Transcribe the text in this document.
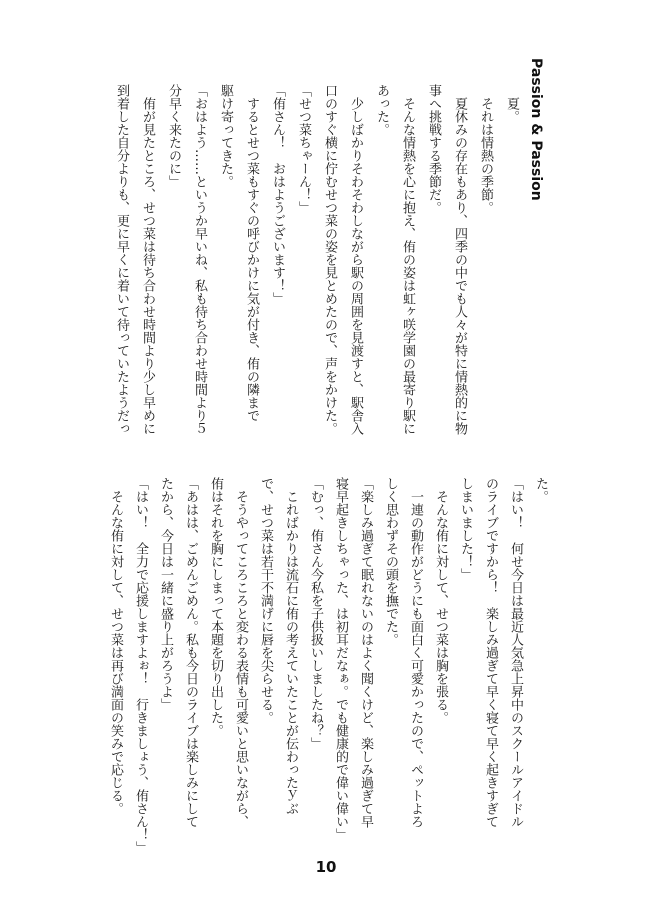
Passion & Passion

夏。

それは情熱の季節。

夏休みの存在もあり、四季の中でも人々が特に情熱的に物

事へ挑戦する季節だ。

そんな情熱を心に抱え、侑の姿は虹ヶ咲学園の最寄り駅に

あった。

少しばかりそわそわしながら駅の周囲を見渡すと、駅舎入

口のすぐ横に佇むせつ菜の姿を見とめたので、声をかけた。

「せつ菜ちゃーん！」

「侑さん！　おはようございます！」

するとせつ菜もすぐの呼びかけに気が付き、侑の隣まで

駆け寄ってきた。

「おはよう……というか早いね、私も待ち合わせ時間より５

分早く来たのに」

侑が見たところ、せつ菜は待ち合わせ時間より少し早めに

到着した自分よりも、更に早くに着いて待っていたようだっ

た。

「はい！　何せ今日は最近人気急上昇中のスクールアイドル

のライブですから！　楽しみ過ぎて早く寝て早く起きすぎて

しまいました！」

そんな侑に対して、せつ菜は胸を張る。

一連の動作がどうにも面白く可愛かったので、ペットよろ

しく思わずその頭を撫でた。

「楽しみ過ぎて眠れないのはよく聞くけど、楽しみ過ぎて早

寝早起きしちゃった、は初耳だなぁ。でも健康的で偉い偉い」

「むっ、侑さん今私を子供扱いしましたね？」

こればかりは流石に侑の考えていたことが伝わったｙぶ

で、せつ菜は若干不満げに唇を尖らせる。

そうやってころころと変わる表情も可愛いと思いながら、

侑はそれを胸にしまって本題を切り出した。

「あはは、ごめんごめん。私も今日のライブは楽しみにして

たから、今日は一緒に盛り上がろうよ」

「はい！　全力で応援しますよぉ！　行きましょう、侑さん！」

そんな侑に対して、せつ菜は再び満面の笑みで応じる。

10
